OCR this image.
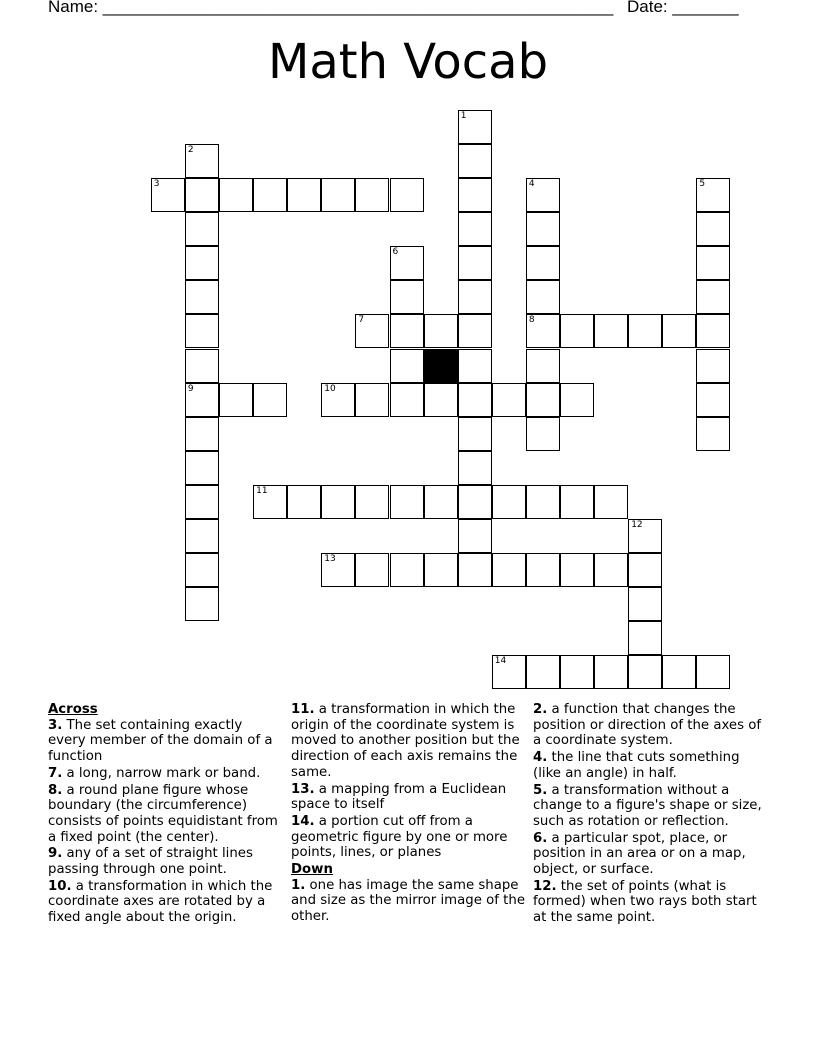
Name: ______________________________________________________ Date: _______
Math Vocab
1
2
3	4	5
6
7	8
9	10
11
12
13
14
Across
3. The set containing exactly every member of the domain of a function
7. a long, narrow mark or band.
8. a round plane figure whose boundary (the circumference) consists of points equidistant from a fixed point (the center).
9. any of a set of straight lines passing through one point.
10. a transformation in which the coordinate axes are rotated by a fixed angle about the origin.
11. a transformation in which the origin of the coordinate system is moved to another position but the direction of each axis remains the same.
13. a mapping from a Euclidean space to itself
14. a portion cut off from a geometric figure by one or more points, lines, or planes
Down
1. one has image the same shape and size as the mirror image of the other.
2. a function that changes the position or direction of the axes of a coordinate system.
4. the line that cuts something (like an angle) in half.
5. a transformation without a change to a figure's shape or size, such as rotation or reflection.
6. a particular spot, place, or position in an area or on a map, object, or surface.
12. the set of points (what is formed) when two rays both start at the same point.
